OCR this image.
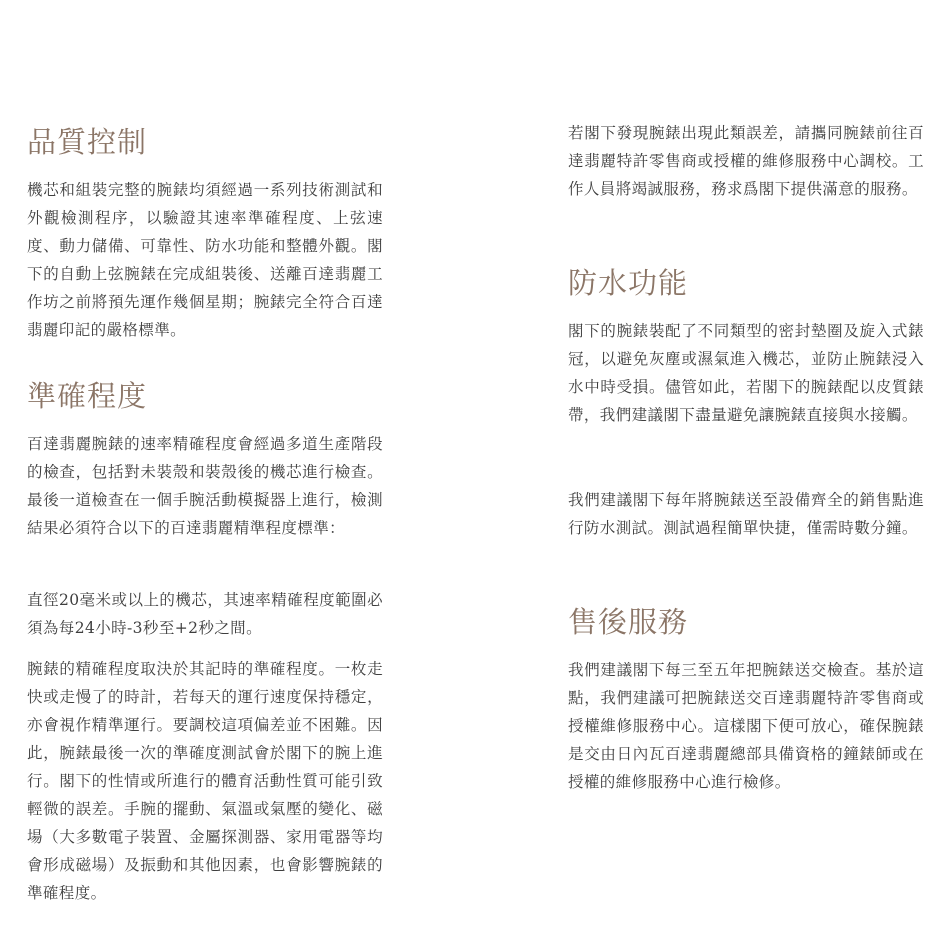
品質控制

機芯和組裝完整的腕錶均須經過一系列技術測試和外觀檢測程序，以驗證其速率準確程度、上弦速度、動力儲備、可靠性、防水功能和整體外觀。閣下的自動上弦腕錶在完成組裝後、送離百達翡麗工作坊之前將預先運作幾個星期；腕錶完全符合百達翡麗印記的嚴格標準。

準確程度

百達翡麗腕錶的速率精確程度會經過多道生產階段的檢查，包括對未裝殼和裝殼後的機芯進行檢查。最後一道檢查在一個手腕活動模擬器上進行，檢測結果必須符合以下的百達翡麗精準程度標準：

直徑20毫米或以上的機芯，其速率精確程度範圍必須為每24小時-3秒至+2秒之間。

腕錶的精確程度取決於其記時的準確程度。一枚走快或走慢了的時計，若每天的運行速度保持穩定，亦會視作精準運行。要調校這項偏差並不困難。因此，腕錶最後一次的準確度測試會於閣下的腕上進行。閣下的性情或所進行的體育活動性質可能引致輕微的誤差。手腕的擺動、氣溫或氣壓的變化、磁場（大多數電子裝置、金屬探測器、家用電器等均會形成磁場）及振動和其他因素，也會影響腕錶的準確程度。

若閣下發現腕錶出現此類誤差，請攜同腕錶前往百達翡麗特許零售商或授權的維修服務中心調校。工作人員將竭誠服務，務求爲閣下提供滿意的服務。

防水功能

閣下的腕錶裝配了不同類型的密封墊圈及旋入式錶冠，以避免灰塵或濕氣進入機芯，並防止腕錶浸入水中時受損。儘管如此，若閣下的腕錶配以皮質錶帶，我們建議閣下盡量避免讓腕錶直接與水接觸。

我們建議閣下每年將腕錶送至設備齊全的銷售點進行防水測試。測試過程簡單快捷，僅需時數分鐘。

售後服務

我們建議閣下每三至五年把腕錶送交檢查。基於這點，我們建議可把腕錶送交百達翡麗特許零售商或授權維修服務中心。這樣閣下便可放心，確保腕錶是交由日內瓦百達翡麗總部具備資格的鐘錶師或在授權的維修服務中心進行檢修。
